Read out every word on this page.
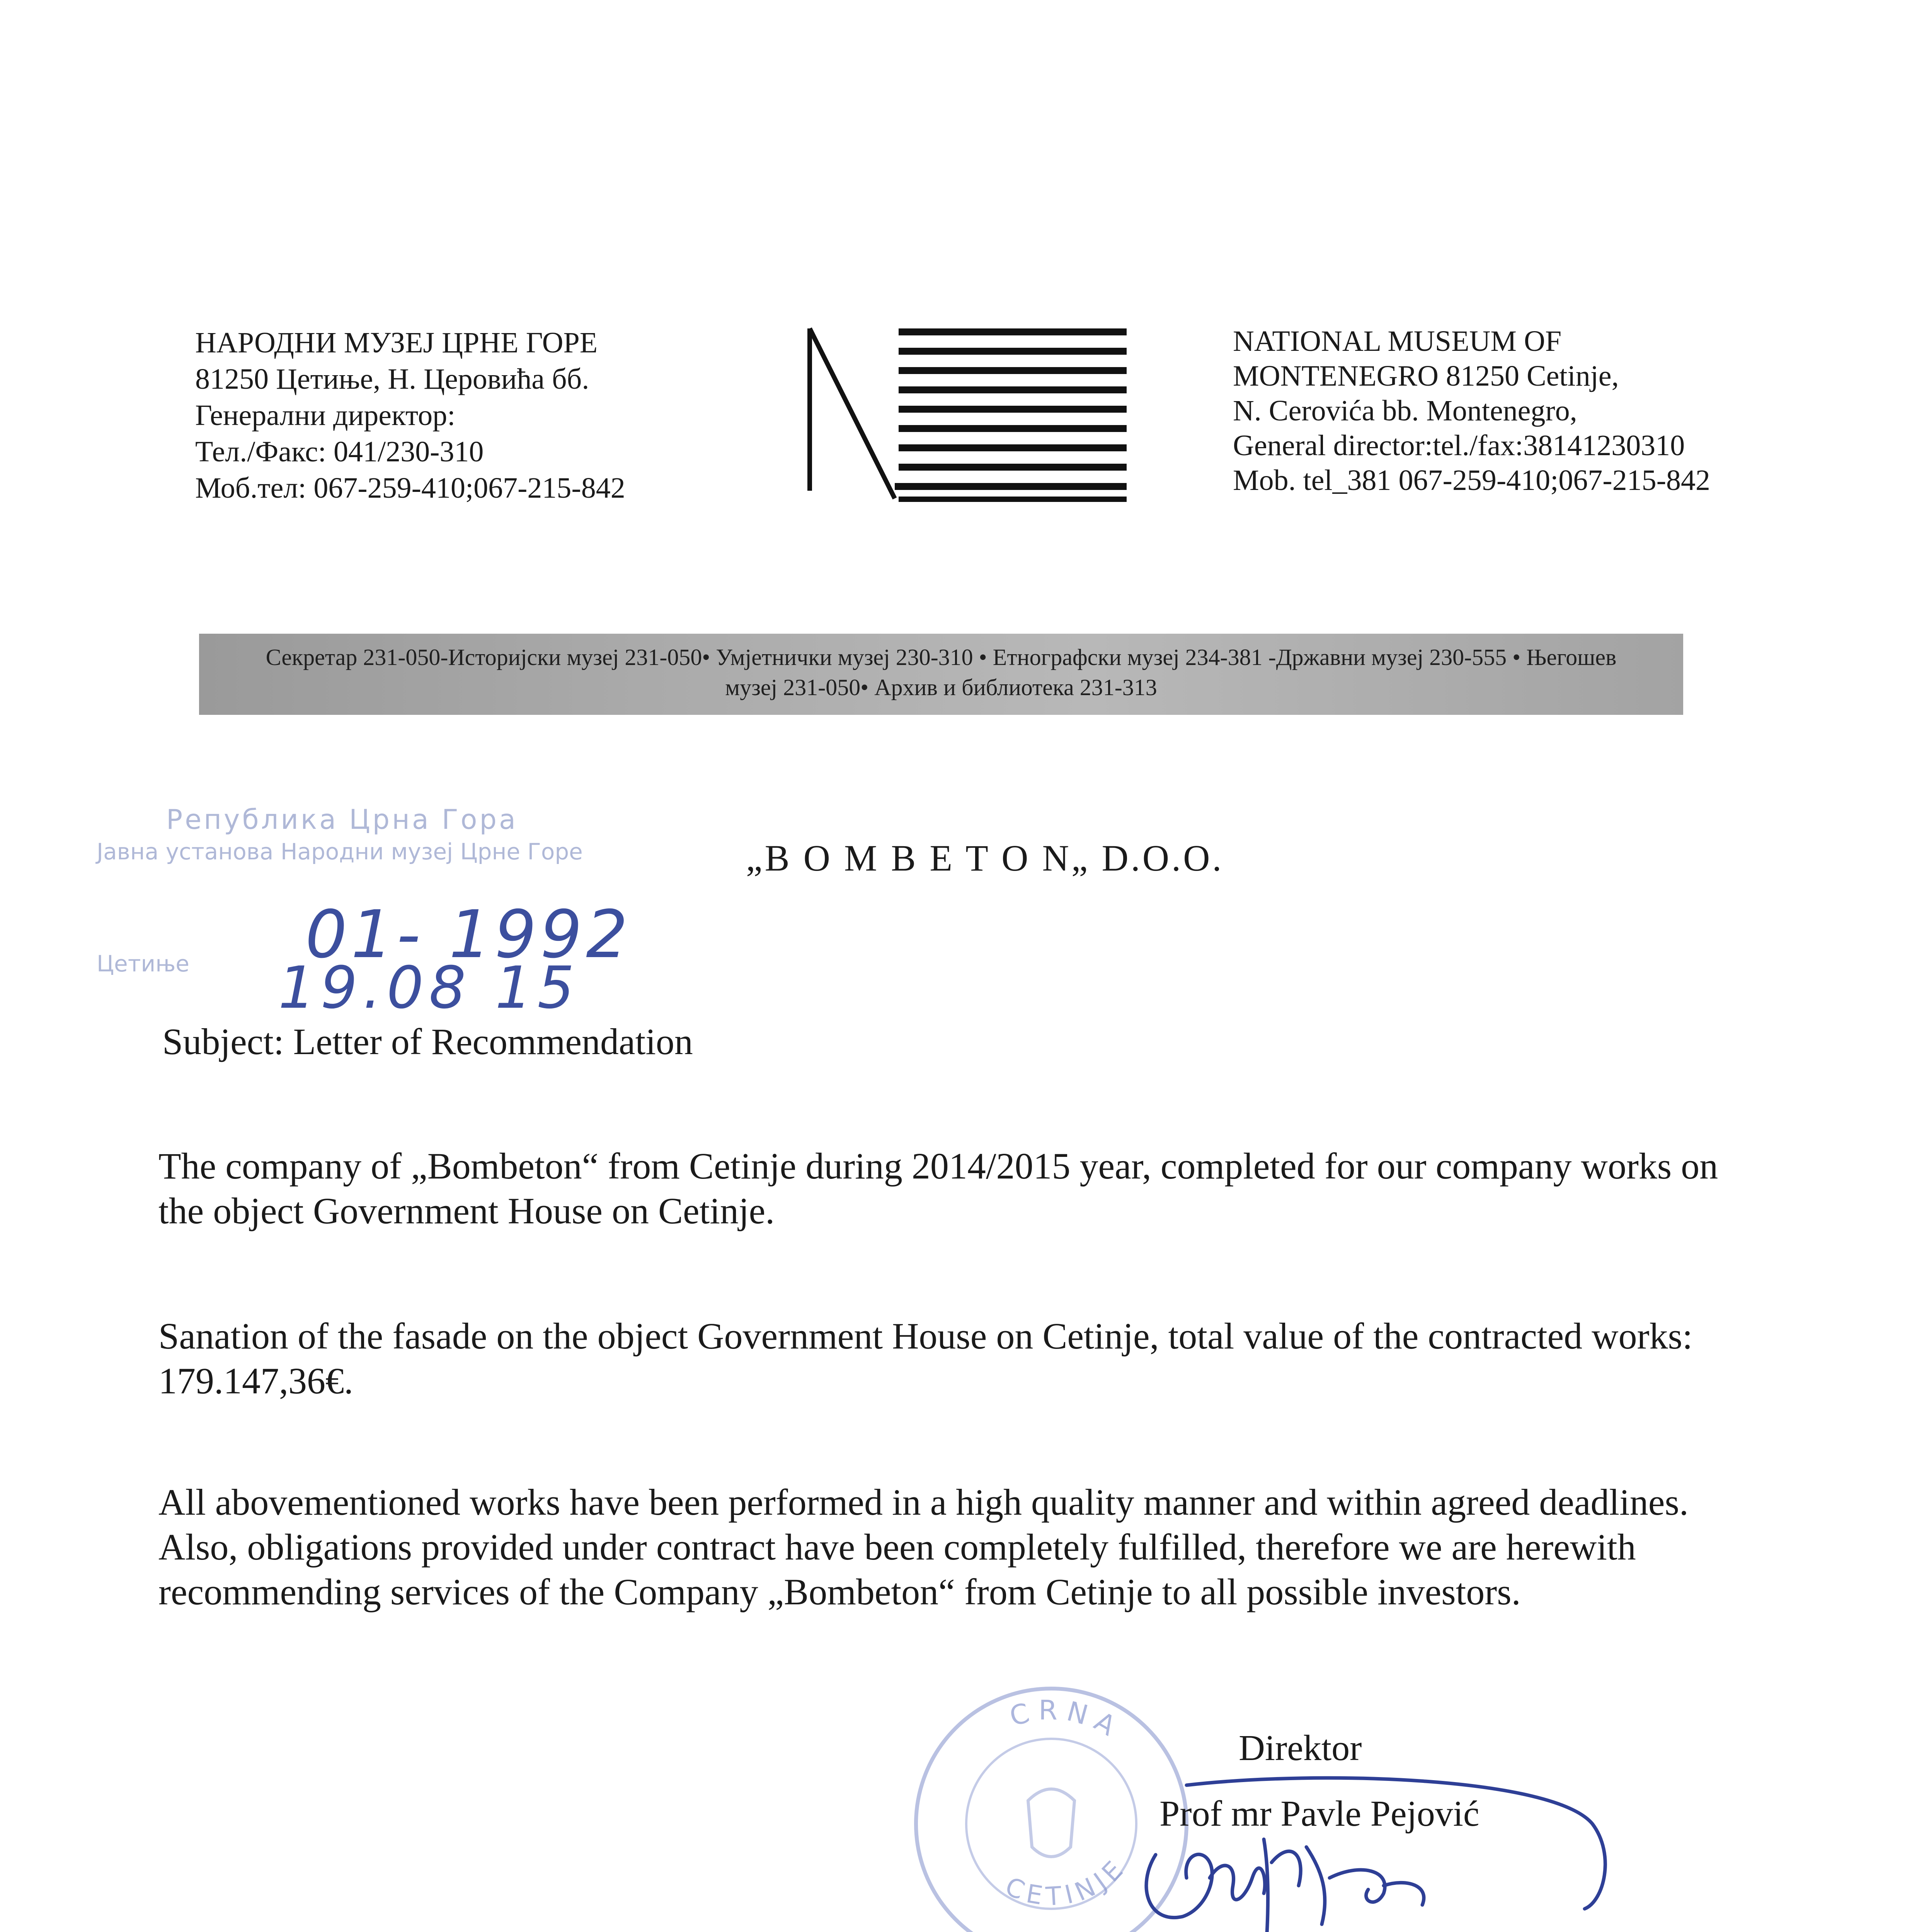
НАРОДНИ МУЗЕЈ ЦРНЕ ГОРЕ
81250 Цетиње, Н. Церовића бб.
Генерални директор:
Тел./Факс: 041/230-310
Моб.тел: 067-259-410;067-215-842
NATIONAL MUSEUM OF
MONTENEGRO 81250 Cetinje,
N. Cerovića bb. Montenegro,
General director:tel./fax:38141230310
Mob. tel_381 067-259-410;067-215-842
Секретар 231-050-Историјски музеј 231-050• Умјетнички музеј 230-310 • Етнографски музеј 234-381 -Државни музеј 230-555 • Његошев
музеј 231-050• Архив и библиотека 231-313
Република Црна Гора
Јавна установа Народни музеј Црне Горе
Цетиње 01- 1992
19.08 15
„B O M B E T O N„ D.O.O.
Subject: Letter of Recommendation
The company of „Bombeton“ from Cetinje during 2014/2015 year, completed for our company works on the object Government House on Cetinje.
Sanation of the fasade on the object Government House on Cetinje, total value of the contracted works: 179.147,36€.
All abovementioned works have been performed in a high quality manner and within agreed deadlines. Also, obligations provided under contract have been completely fulfilled, therefore we are herewith recommending services of the Company „Bombeton“ from Cetinje to all possible investors.
CRNA
CETINJE
Direktor
Prof mr Pavle Pejović
